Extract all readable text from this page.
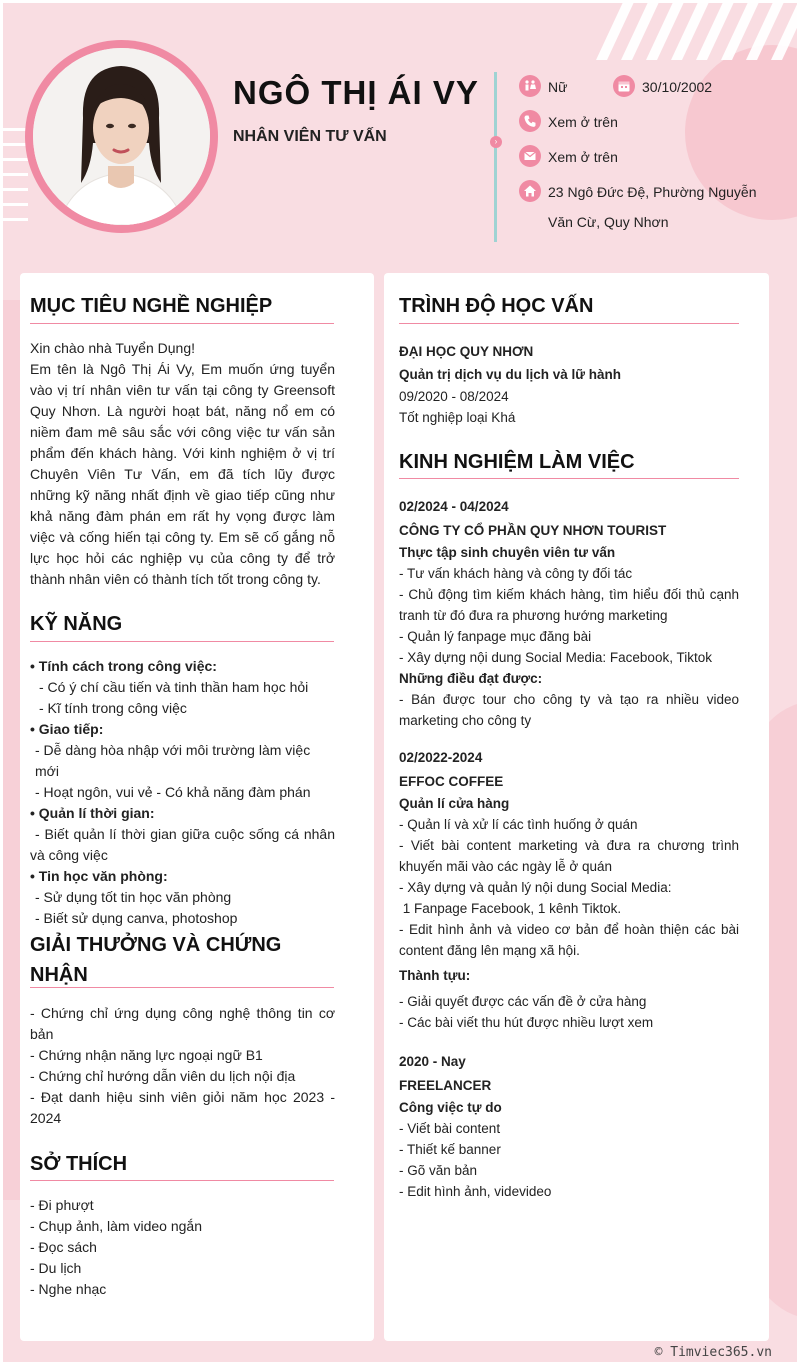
NGÔ THỊ ÁI VY
NHÂN VIÊN TƯ VẤN	›
Nữ	30/10/2002
Xem ở trên
Xem ở trên
23 Ngô Đức Đệ, Phường Nguyễn
Văn Cừ, Quy Nhơn
MỤC TIÊU NGHỀ NGHIỆP
Xin chào nhà Tuyển Dụng!
Em tên là Ngô Thị Ái Vy, Em muốn ứng tuyển vào vị trí nhân viên tư vấn tại công ty Greensoft Quy Nhơn. Là người hoạt bát, năng nổ em có niềm đam mê sâu sắc với công việc tư vấn sản phẩm đến khách hàng. Với kinh nghiệm ở vị trí Chuyên Viên Tư Vấn, em đã tích lũy được những kỹ năng nhất định về giao tiếp cũng như khả năng đàm phán em rất hy vọng được làm việc và cống hiến tại công ty. Em sẽ cố gắng nỗ lực học hỏi các nghiệp vụ của công ty để trở thành nhân viên có thành tích tốt trong công ty.
KỸ NĂNG
• Tính cách trong công việc:
- Có ý chí cầu tiến và tinh thần ham học hỏi
- Kĩ tính trong công việc
• Giao tiếp:
- Dễ dàng hòa nhập với môi trường làm việc mới
- Hoạt ngôn, vui vẻ - Có khả năng đàm phán
• Quản lí thời gian:
- Biết quản lí thời gian giữa cuộc sống cá nhân và công việc
• Tin học văn phòng:
- Sử dụng tốt tin học văn phòng
- Biết sử dụng canva, photoshop
GIẢI THƯỞNG VÀ CHỨNG
NHẬN
- Chứng chỉ ứng dụng công nghệ thông tin cơ bản
- Chứng nhận năng lực ngoại ngữ B1
- Chứng chỉ hướng dẫn viên du lịch nội địa
- Đạt danh hiệu sinh viên giỏi năm học 2023 - 2024
SỞ THÍCH
- Đi phượt
- Chụp ảnh, làm video ngắn
- Đọc sách
- Du lịch
- Nghe nhạc
TRÌNH ĐỘ HỌC VẤN
ĐẠI HỌC QUY NHƠN
Quản trị dịch vụ du lịch và lữ hành
09/2020 - 08/2024
Tốt nghiệp loại Khá
KINH NGHIỆM LÀM VIỆC
02/2024 - 04/2024
CÔNG TY CỔ PHẦN QUY NHƠN TOURIST
Thực tập sinh chuyên viên tư vấn
- Tư vấn khách hàng và công ty đối tác
- Chủ động tìm kiếm khách hàng, tìm hiểu đối thủ cạnh tranh từ đó đưa ra phương hướng marketing
- Quản lý fanpage mục đăng bài
- Xây dựng nội dung Social Media: Facebook, Tiktok
Những điều đạt được:
- Bán được tour cho công ty và tạo ra nhiều video marketing cho công ty
02/2022-2024
EFFOC COFFEE
Quản lí cửa hàng
- Quản lí và xử lí các tình huống ở quán
- Viết bài content marketing và đưa ra chương trình khuyến mãi vào các ngày lễ ở quán
- Xây dựng và quản lý nội dung Social Media:
1 Fanpage Facebook, 1 kênh Tiktok.
- Edit hình ảnh và video cơ bản để hoàn thiện các bài content đăng lên mạng xã hội.
Thành tựu:
- Giải quyết được các vấn đề ở cửa hàng
- Các bài viết thu hút được nhiều lượt xem
2020 - Nay
FREELANCER
Công việc tự do
- Viết bài content
- Thiết kế banner
- Gõ văn bản
- Edit hình ảnh, videvideo
© Timviec365.vn
